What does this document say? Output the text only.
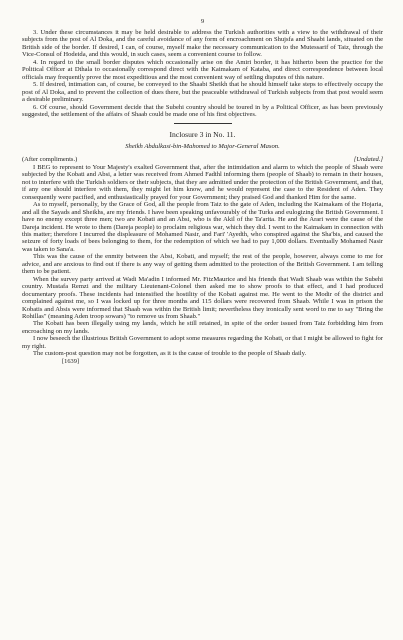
9

3. Under these circumstances it may be held desirable to address the Turkish authorities with a view to the withdrawal of their subjects from the post of Al Doka, and the careful avoidance of any form of encroachment on Shujsfa and Shaabi lands, situated on the British side of the border. If desired, I can, of course, myself make the necessary communication to the Mutessarif of Taiz, through the Vice-Consul of Hodeida, and this would, in such cases, seem a convenient course to follow.

4. In regard to the small border disputes which occasionally arise on the Amiri border, it has hitherto been the practice for the Political Officer at Dthala to occasionally correspond direct with the Kaimakam of Kataba, and direct correspondence between local officials may frequently prove the most expeditious and the most convenient way of settling disputes of this nature.

5. If desired, intimation can, of course, be conveyed to the Shaabi Sheikh that he should himself take steps to effectively occupy the post of Al Doka, and to prevent the collection of dues there, but the peaceable withdrawal of Turkish subjects from that post would seem a desirable preliminary.

6. Of course, should Government decide that the Subehi country should be toured in by a Political Officer, as has been previously suggested, the settlement of the affairs of Shaab could be made one of his first objectives.

Inclosure 3 in No. 11.
Sheikh Abdulkasi-bin-Mahomed to Major-General Mason.
(After compliments.)	[Undated.]

I BEG to represent to Your Majesty's exalted Government that, after the intimidation and alarm to which the people of Shaab were subjected by the Kobati and Absi, a letter was received from Ahmed Fadthl informing them (people of Shaab) to remain in their houses, not to interfere with the Turkish soldiers or their subjects, that they are admitted under the protection of the British Government, and that, if any one should interfere with them, they might let him know, and he would represent the case to the Resident of Aden. They consequently were pacified, and enthusiastically prayed for your Government; they praised God and thanked Him for the same.

As to myself, personally, by the Grace of God, all the people from Taiz to the gate of Aden, including the Kaimakam of the Hojaria, and all the Sayads and Sheikhs, are my friends. I have been speaking unfavourably of the Turks and eulogizing the British Government. I have no enemy except three men; two are Kobati and an Absi, who is the Akil of the Ta'arita. He and the Arari were the cause of the Dareja incident. He wrote to them (Dareja people) to proclaim religious war, which they did. I went to the Kaimakam in connection with this matter; therefore I incurred the displeasure of Mohamed Nasir, and Fari' 'Ayedth, who conspired against the Sha'bis, and caused the seizure of forty loads of bees belonging to them, for the redemption of which we had to pay 1,000 dollars. Eventually Mohamed Nasir was taken to Sana'a.

This was the cause of the enmity between the Absi, Kobati, and myself; the rest of the people, however, always come to me for advice, and are anxious to find out if there is any way of getting them admitted to the protection of the British Government. I am telling them to be patient.

When the survey party arrived at Wadi Ma'adin I informed Mr. FitzMaurice and his friends that Wadi Shaab was within the Subehi country. Mustafa Remzi and the military Lieutenant-Colonel then asked me to show proofs to that effect, and I had produced documentary proofs. These incidents had intensified the hostility of the Kobati against me. He went to the Modir of the district and complained against me, so I was locked up for three months and 115 dollars were recovered from Shaab. While I was in prison the Kobatis and Absis were informed that Shaab was within the British limit; nevertheless they ironically sent word to me to say "Bring the Rohillas" (meaning Aden troop sowars) "to remove us from Shaab."

The Kobati has been illegally using my lands, which he still retained, in spite of the order issued from Taiz forbidding him from encroaching on my lands.

I now beseech the illustrious British Government to adopt some measures regarding the Kobati, or that I might be allowed to fight for my right.

The custom-post question may not be forgotten, as it is the cause of trouble to the people of Shaab daily.

[1639]
